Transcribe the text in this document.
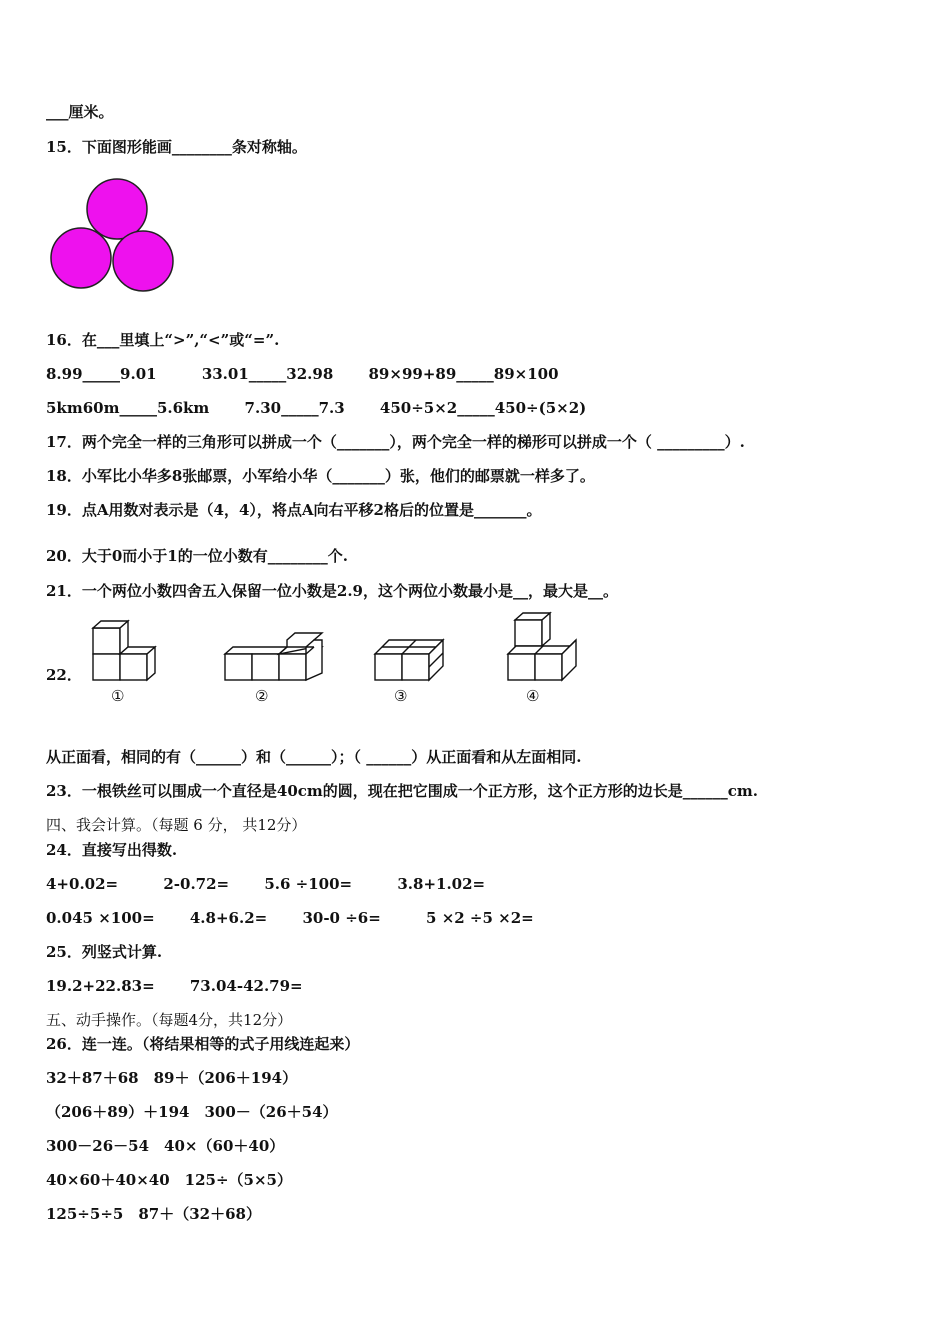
___厘米。
15．下面图形能画________条对称轴。
16．在___里填上“>”,“<”或“=”.
8.99_____9.01	33.01_____32.98 89×99+89_____89×100
5km60m_____5.6km 7.30_____7.3 450÷5×2_____450÷(5×2)
17．两个完全一样的三角形可以拼成一个（_______），两个完全一样的梯形可以拼成一个（ _________）.
18．小军比小华多8张邮票，小军给小华（_______）张，他们的邮票就一样多了。
19．点A用数对表示是（4，4），将点A向右平移2格后的位置是_______。
20．大于0而小于1的一位小数有________个.
21．一个两位小数四舍五入保留一位小数是2.9，这个两位小数最小是__，最大是__。
22．
①	②	③	④
从正面看，相同的有（______）和（______）；（ ______）从正面看和从左面相同.
23．一根铁丝可以围成一个直径是40cm的圆，现在把它围成一个正方形，这个正方形的边长是______cm.
四、我会计算。（每题 6 分， 共12分）
24．直接写出得数.
4+0.02=	2-0.72= 5.6 ÷100=	3.8+1.02=
0.045 ×100= 4.8+6.2= 30-0 ÷6=	5 ×2 ÷5 ×2=
25．列竖式计算.
19.2+22.83= 73.04-42.79=
五、动手操作。（每题4分，共12分）
26．连一连。（将结果相等的式子用线连起来）
32＋87＋68　89＋（206＋194）
（206＋89）＋194　300－（26＋54）
300－26－54　40×（60＋40）
40×60＋40×40　125÷（5×5）
125÷5÷5　87＋（32＋68）
